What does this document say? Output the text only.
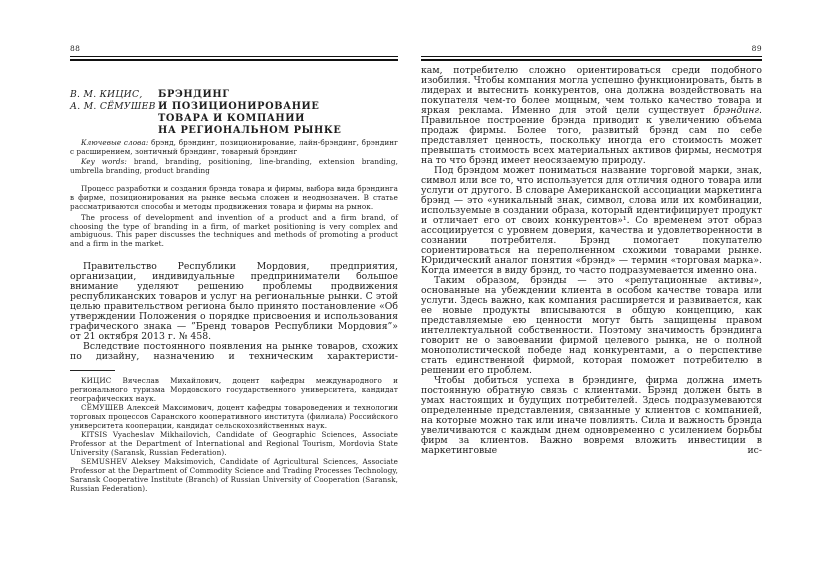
88
В. М. КИЦИС,
А. М. СЁМУШЕВ
БРЭНДИНГ
И ПОЗИЦИОНИРОВАНИЕ
ТОВАРА И КОМПАНИИ
НА РЕГИОНАЛЬНОМ РЫНКЕ

Ключевые слова: брэнд, брэндинг, позиционирование, лайн-брэндинг, брэндинг с расширением, зонтичный брэндинг, товарный брэндинг

Key words: brand, branding, positioning, line-branding, extension branding, umbrella branding, product branding

Процесс разработки и создания брэнда товара и фирмы, выбора вида брэндинга в фирме, позиционирования на рынке весьма сложен и неоднозначен. В статье рассматриваются способы и методы продвижения товара и фирмы на рынок.

The process of development and invention of a product and a firm brand, of choosing the type of branding in a firm, of market positioning is very complex and ambiguous. This paper discusses the techniques and methods of promoting a product and a firm in the market.

Правительство Республики Мордовия, предприятия, организации, индивидуальные предприниматели большое внимание уделяют решению проблемы продвижения республиканских товаров и услуг на региональные рынки. С этой целью правительством региона было принято постановление «Об утверждении Положения о порядке присвоения и использования графического знака — ”Бренд товаров Республики Мордовия”» от 21 октября 2013 г. № 458.

Вследствие постоянного появления на рынке товаров, схожих по дизайну, назначению и техническим характеристи-

КИЦИС Вячеслав Михайлович, доцент кафедры международного и регионального туризма Мордовского государственного университета, кандидат географических наук.

СЁМУШЕВ Алексей Максимович, доцент кафедры товароведения и технологии торговых процессов Саранского кооперативного института (филиала) Российского университета кооперации, кандидат сельскохозяйственных наук.

KITSIS Vyacheslav Mikhailovich, Candidate of Geographic Sciences, Associate Professor at the Department of International and Regional Tourism, Mordovia State University (Saransk, Russian Federation).

SEMUSHEV Aleksey Maksimovich, Candidate of Agricultural Sciences, Associate Professor at the Department of Commodity Science and Trading Processes Technology, Saransk Cooperative Institute (Branch) of Russian University of Cooperation (Saransk, Russian Federation).

89

кам, потребителю сложно ориентироваться среди подобного изобилия. Чтобы компания могла успешно функционировать, быть в лидерах и вытеснить конкурентов, она должна воздействовать на покупателя чем-то более мощным, чем только качество товара и яркая реклама. Именно для этой цели существует брэндинг. Правильное построение брэнда приводит к увеличению объема продаж фирмы. Более того, развитый брэнд сам по себе представляет ценность, поскольку иногда его стоимость может превышать стоимость всех материальных активов фирмы, несмотря на то что брэнд имеет неосязаемую природу.

Под брэндом может пониматься название торговой марки, знак, символ или все то, что используется для отличия одного товара или услуги от другого. В словаре Американской ассоциации маркетинга брэнд — это «уникальный знак, символ, слова или их комбинации, используемые в создании образа, который идентифицирует продукт и отличает его от своих конкурентов»¹. Со временем этот образ ассоциируется с уровнем доверия, качества и удовлетворенности в сознании потребителя. Брэнд помогает покупателю сориентироваться на переполненном схожими товарами рынке. Юридический аналог понятия «брэнд» — термин «торговая марка». Когда имеется в виду брэнд, то часто подразумевается именно она.

Таким образом, брэнды — это «репутационные активы», основанные на убеждении клиента в особом качестве товара или услуги. Здесь важно, как компания расширяется и развивается, как ее новые продукты вписываются в общую концепцию, как представляемые ею ценности могут быть защищены правом интеллектуальной собственности. Поэтому значимость брэндинга говорит не о завоевании фирмой целевого рынка, не о полной монополистической победе над конкурентами, а о перспективе стать единственной фирмой, которая поможет потребителю в решении его проблем.

Чтобы добиться успеха в брэндинге, фирма должна иметь постоянную обратную связь с клиентами. Брэнд должен быть в умах настоящих и будущих потребителей. Здесь подразумеваются определенные представления, связанные у клиентов с компанией, на которые можно так или иначе повлиять. Сила и важность брэнда увеличиваются с каждым днем одновременно с усилением борьбы фирм за клиентов. Важно вовремя вложить инвестиции в маркетинговые ис-
